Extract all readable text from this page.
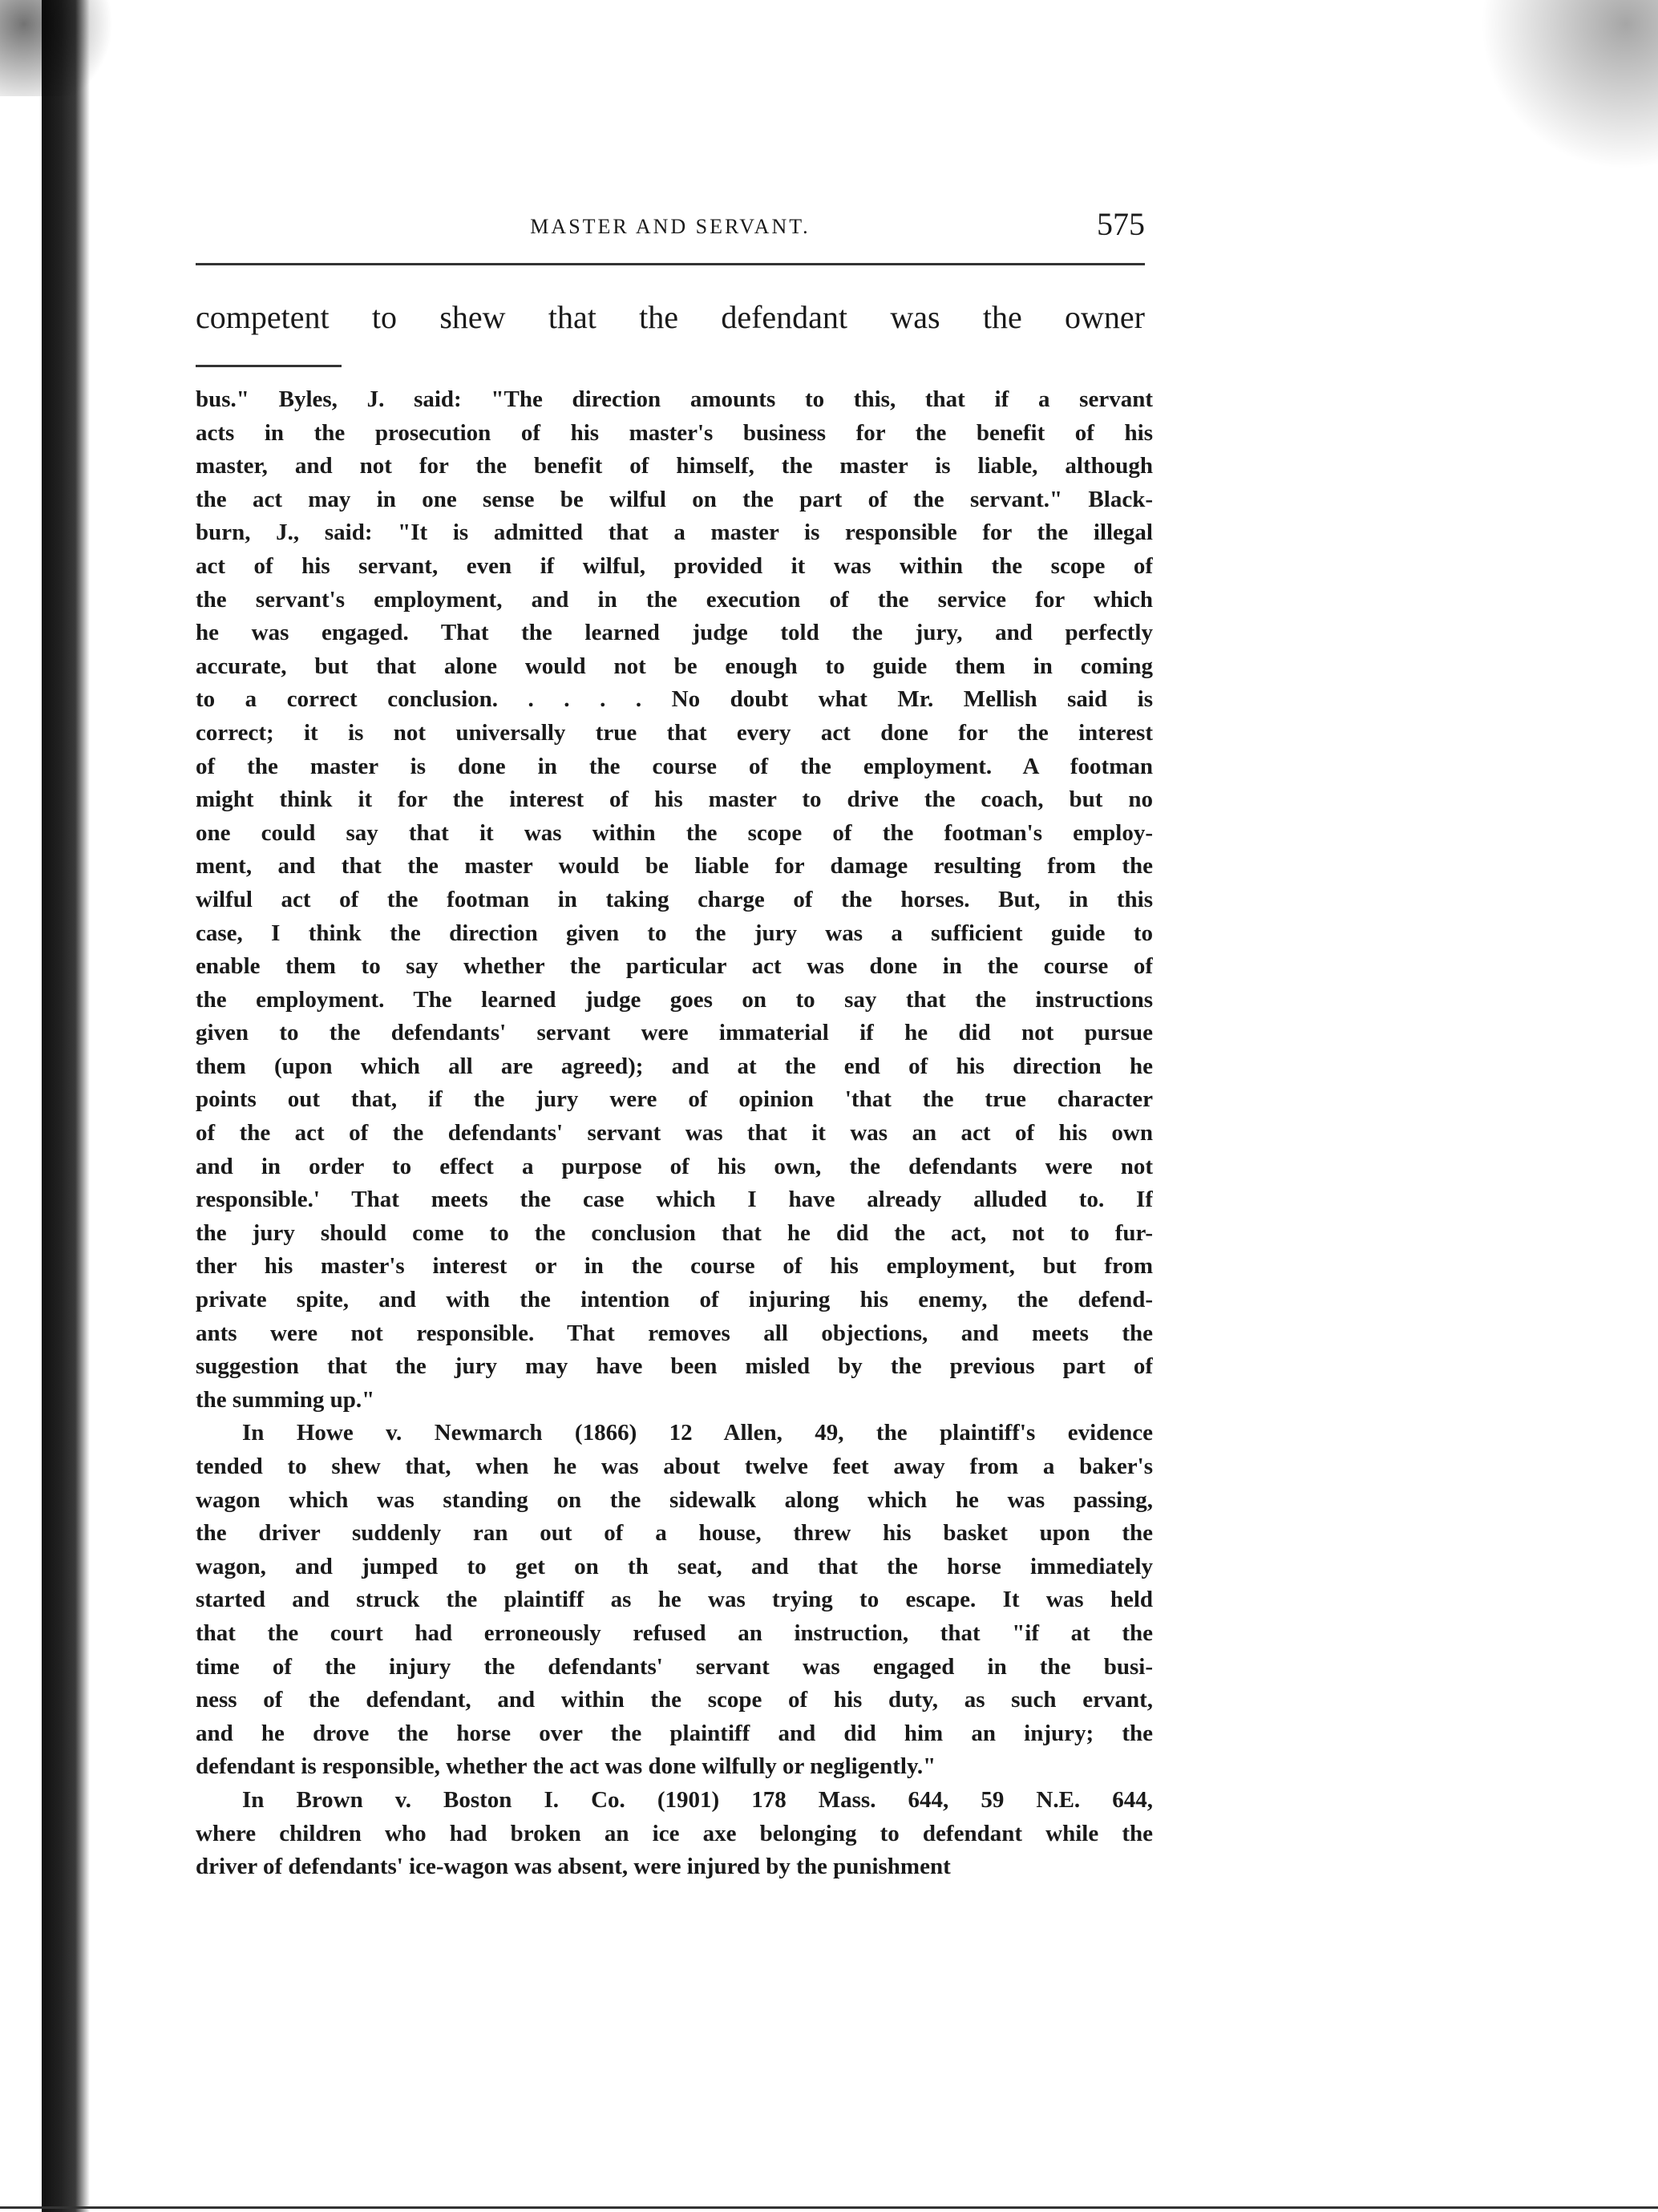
MASTER AND SERVANT.	575
competent to shew that the defendant was the owner
bus." Byles, J. said: "The direction amounts to this, that if a servant
acts in the prosecution of his master's business for the benefit of his
master, and not for the benefit of himself, the master is liable, although
the act may in one sense be wilful on the part of the servant." Black-
burn, J., said: "It is admitted that a master is responsible for the illegal
act of his servant, even if wilful, provided it was within the scope of
the servant's employment, and in the execution of the service for which
he was engaged. That the learned judge told the jury, and perfectly
accurate, but that alone would not be enough to guide them in coming
to a correct conclusion. . . . . No doubt what Mr. Mellish said is
correct; it is not universally true that every act done for the interest
of the master is done in the course of the employment. A footman
might think it for the interest of his master to drive the coach, but no
one could say that it was within the scope of the footman's employ-
ment, and that the master would be liable for damage resulting from the
wilful act of the footman in taking charge of the horses. But, in this
case, I think the direction given to the jury was a sufficient guide to
enable them to say whether the particular act was done in the course of
the employment. The learned judge goes on to say that the instructions
given to the defendants' servant were immaterial if he did not pursue
them (upon which all are agreed); and at the end of his direction he
points out that, if the jury were of opinion 'that the true character
of the act of the defendants' servant was that it was an act of his own
and in order to effect a purpose of his own, the defendants were not
responsible.' That meets the case which I have already alluded to. If
the jury should come to the conclusion that he did the act, not to fur-
ther his master's interest or in the course of his employment, but from
private spite, and with the intention of injuring his enemy, the defend-
ants were not responsible. That removes all objections, and meets the
suggestion that the jury may have been misled by the previous part of
the summing up."
In Howe v. Newmarch (1866) 12 Allen, 49, the plaintiff's evidence
tended to shew that, when he was about twelve feet away from a baker's
wagon which was standing on the sidewalk along which he was passing,
the driver suddenly ran out of a house, threw his basket upon the
wagon, and jumped to get on th seat, and that the horse immediately
started and struck the plaintiff as he was trying to escape. It was held
that the court had erroneously refused an instruction, that "if at the
time of the injury the defendants' servant was engaged in the busi-
ness of the defendant, and within the scope of his duty, as such ervant,
and he drove the horse over the plaintiff and did him an injury; the
defendant is responsible, whether the act was done wilfully or negligently."
In Brown v. Boston I. Co. (1901) 178 Mass. 644, 59 N.E. 644,
where children who had broken an ice axe belonging to defendant while the
driver of defendants' ice-wagon was absent, were injured by the punishment
